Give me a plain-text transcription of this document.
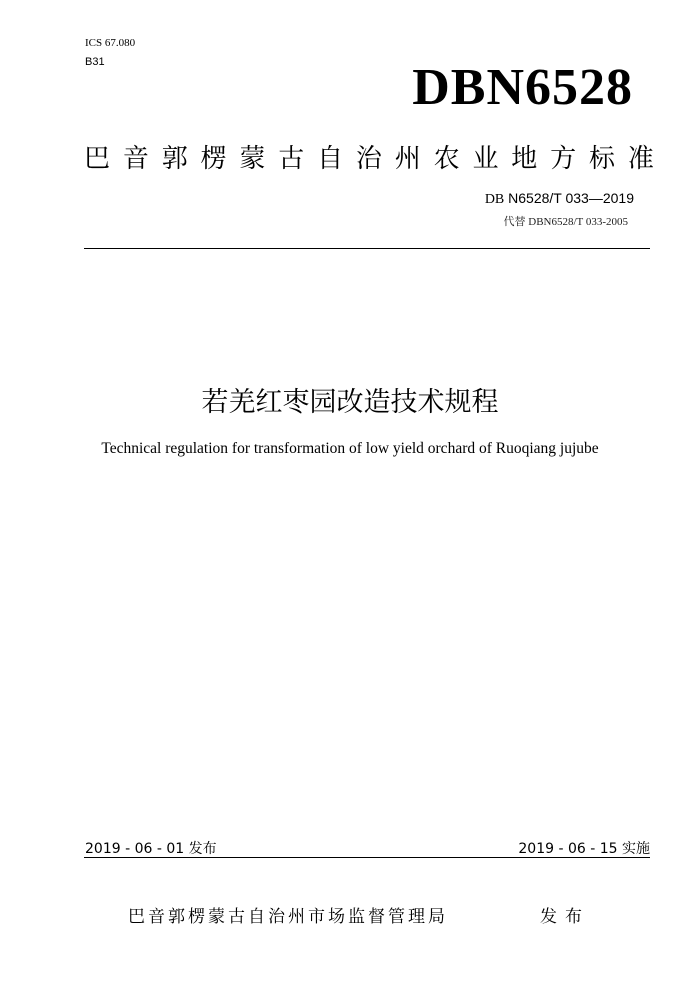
ICS 67.080
B31	DBN6528
巴 音 郭 楞 蒙 古 自 治 州 农 业 地 方 标 准
DB N6528/T 033—2019
代替 DBN6528/T 033-2005
若羌红枣园改造技术规程
Technical regulation for transformation of low yield orchard of Ruoqiang jujube
2019 - 06 - 01 发布	2019 - 06 - 15 实施
巴音郭楞蒙古自治州市场监督管理局	发布
